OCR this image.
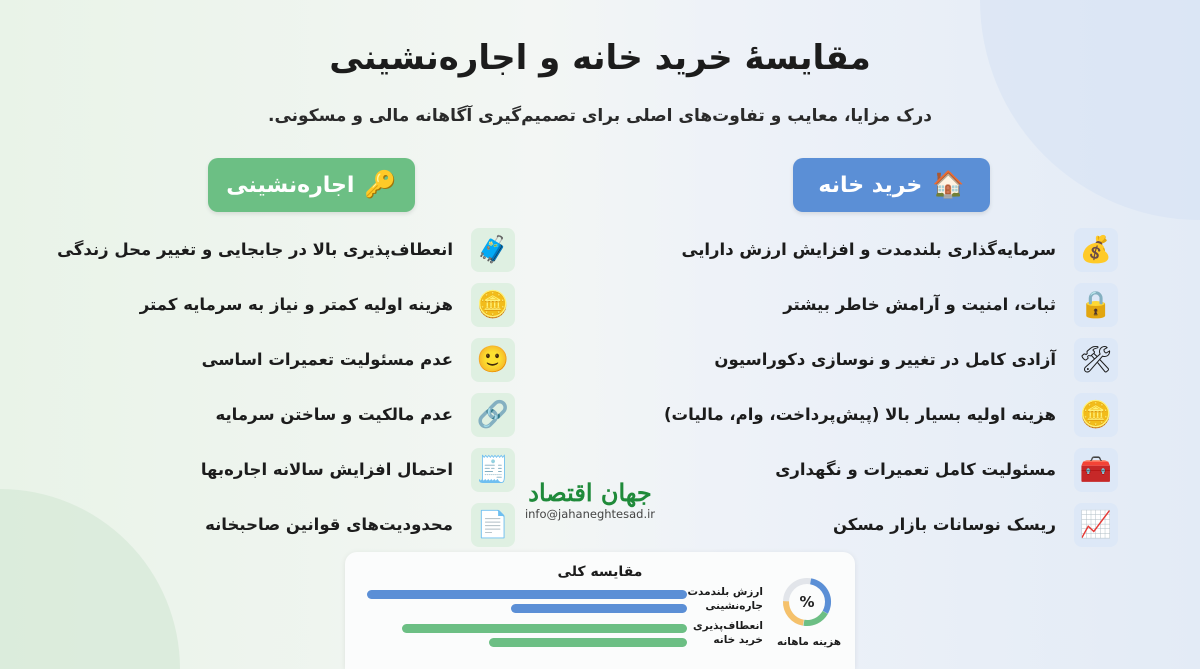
مقایسهٔ خرید خانه و اجاره‌نشینی
درک مزایا، معایب و تفاوت‌های اصلی برای تصمیم‌گیری آگاهانه مالی و مسکونی.
🏠
خرید خانه
🔑
اجاره‌نشینی
💰
سرمایه‌گذاری بلندمدت و افزایش ارزش دارایی
🔒
ثبات، امنیت و آرامش خاطر بیشتر
🛠
آزادی کامل در تغییر و نوسازی دکوراسیون
🪙
هزینه اولیه بسیار بالا (پیش‌پرداخت، وام، مالیات)
🧰
مسئولیت کامل تعمیرات و نگهداری
📈
ریسک نوسانات بازار مسکن
🧳
انعطاف‌پذیری بالا در جابجایی و تغییر محل زندگی
🪙
هزینه اولیه کمتر و نیاز به سرمایه کمتر
🙂
عدم مسئولیت تعمیرات اساسی
🔗
عدم مالکیت و ساختن سرمایه
🧾
احتمال افزایش سالانه اجاره‌بها
📄
محدودیت‌های قوانین صاحبخانه
جهان اقتصاد
info@jahaneghtesad.ir
مقایسه کلی
ارزش بلندمدت
جاره‌نشینی
انعطاف‌پذیری
خرید خانه
%
هزینه ماهانه
